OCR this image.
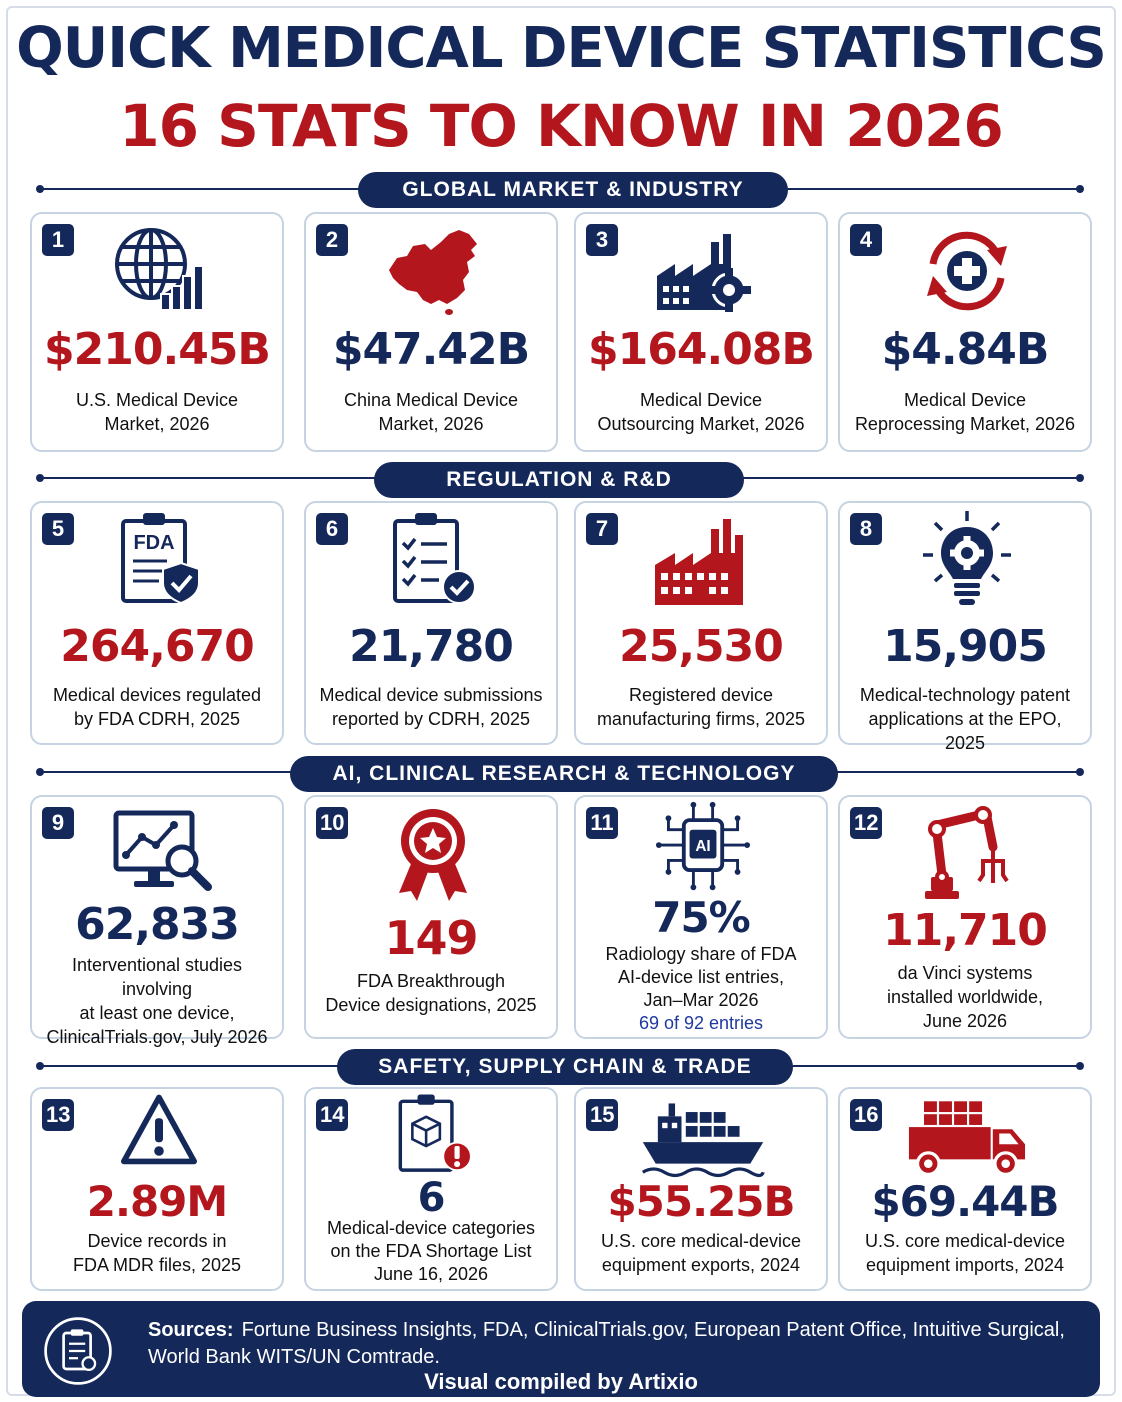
QUICK MEDICAL DEVICE STATISTICS
16 STATS TO KNOW IN 2026
GLOBAL MARKET & INDUSTRY
REGULATION & R&D
AI, CLINICAL RESEARCH & TECHNOLOGY
SAFETY, SUPPLY CHAIN & TRADE
1
$210.45B
U.S. Medical Device
Market, 2026
2
$47.42B
China Medical Device
Market, 2026
3
$164.08B
Medical Device
Outsourcing Market, 2026
4
$4.84B
Medical Device
Reprocessing Market, 2026
5
FDA
264,670
Medical devices regulated
by FDA CDRH, 2025
6
21,780
Medical device submissions
reported by CDRH, 2025
7
25,530
Registered device
manufacturing firms, 2025
8
15,905
Medical-technology patent
applications at the EPO, 2025
9
62,833
Interventional studies involving
at least one device,
ClinicalTrials.gov, July 2026
10
149
FDA Breakthrough
Device designations, 2025
11
AI
75%
Radiology share of FDA
AI-device list entries,
Jan–Mar 2026
69 of 92 entries
12
11,710
da Vinci systems
installed worldwide,
June 2026
13
2.89M
Device records in
FDA MDR files, 2025
14
6
Medical-device categories
on the FDA Shortage List
June 16, 2026
15
$55.25B
U.S. core medical-device
equipment exports, 2024
16
$69.44B
U.S. core medical-device
equipment imports, 2024
Sources: Fortune Business Insights, FDA, ClinicalTrials.gov, European Patent Office, Intuitive Surgical, World Bank WITS/UN Comtrade.
Visual compiled by Artixio
